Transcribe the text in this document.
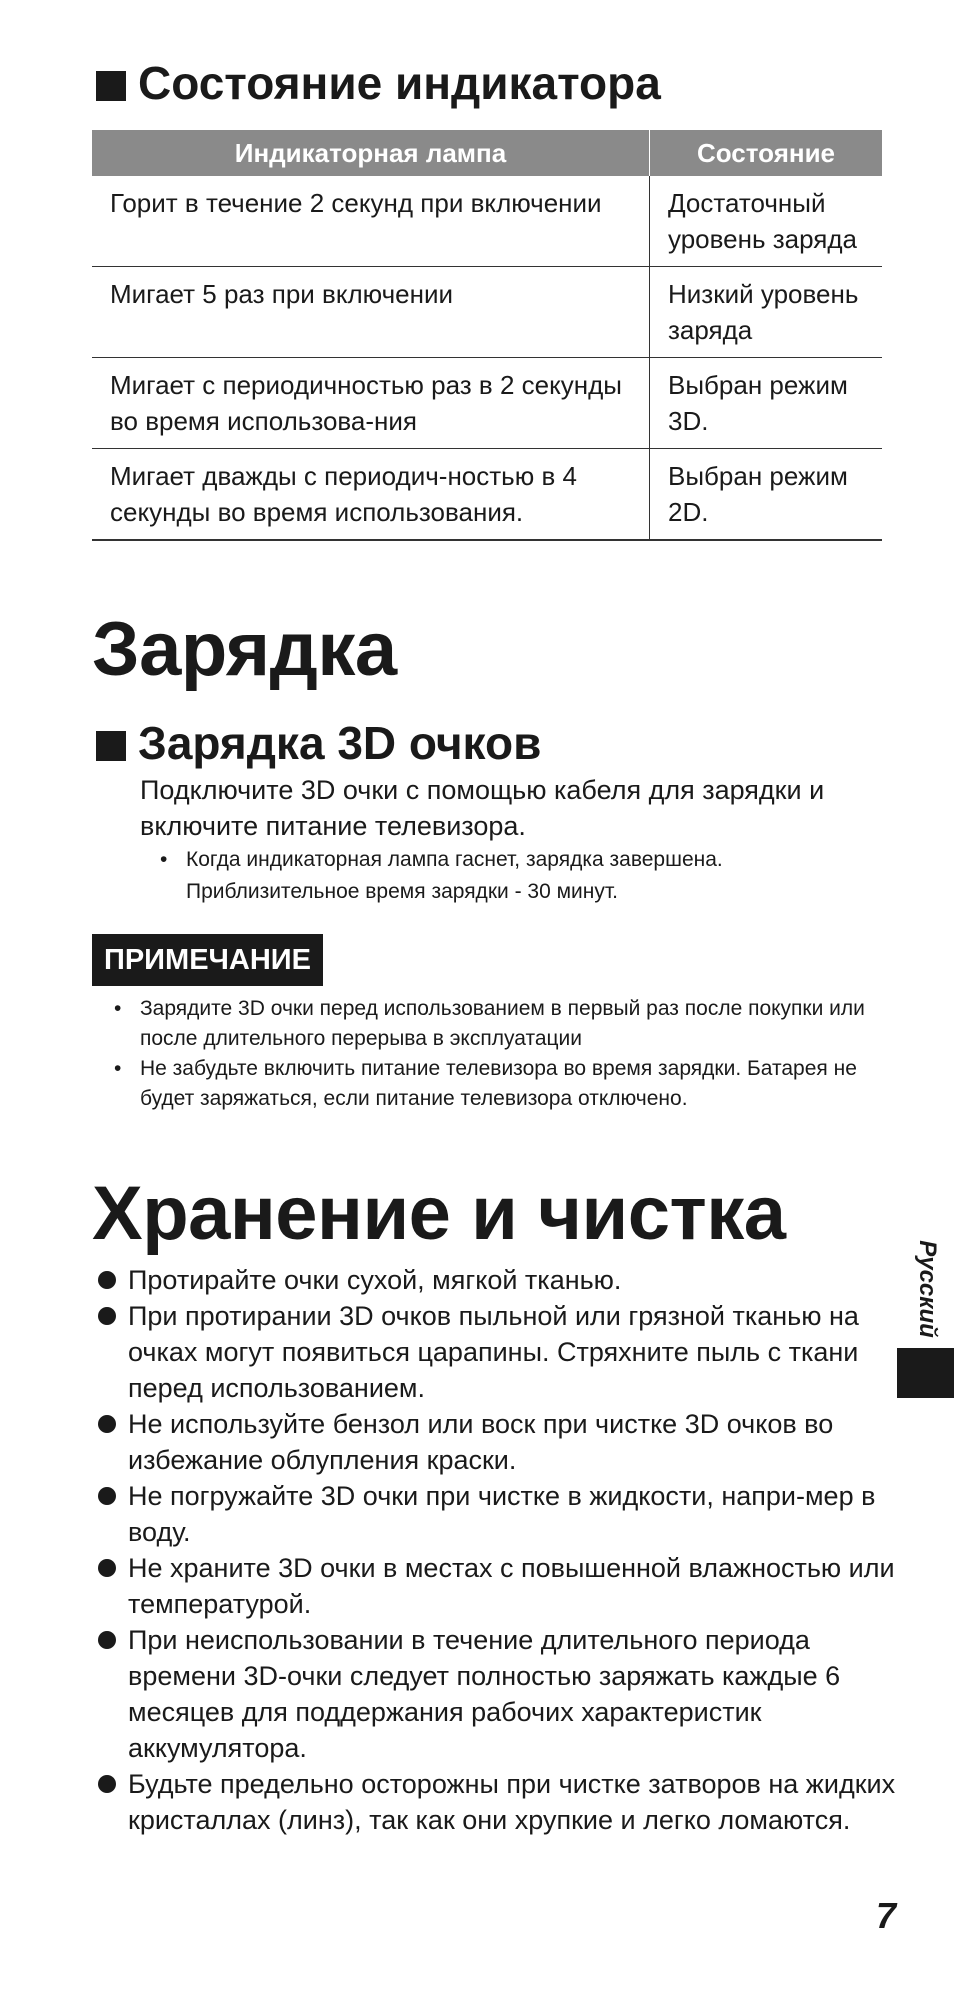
Состояние индикатора
Индикаторная лампа	Состояние
Горит в течение 2 секунд при включении	Достаточный уровень заряда
Мигает 5 раз при включении	Низкий уровень заряда
Мигает с периодичностью раз в 2 секунды во время использова-ния	Выбран режим 3D.
Мигает дважды с периодич-ностью в 4 секунды во время использования.	Выбран режим 2D.
Зарядка
Зарядка 3D очков
Подключите 3D очки с помощью кабеля для зарядки и включите питание телевизора.
• Когда индикаторная лампа гаснет, зарядка завершена. Приблизительное время зарядки - 30 минут.
ПРИМЕЧАНИЕ
• Зарядите 3D очки перед использованием в первый раз после покупки или после длительного перерыва в эксплуатации
• Не забудьте включить питание телевизора во время зарядки. Батарея не будет заряжаться, если питание телевизора отключено.
Хранение и чистка
Протирайте очки сухой, мягкой тканью.
При протирании 3D очков пыльной или грязной тканью на очках могут появиться царапины. Стряхните пыль с ткани перед использованием.
Не используйте бензол или воск при чистке 3D очков во избежание облупления краски.
Не погружайте 3D очки при чистке в жидкости, напри-мер в воду.
Не храните 3D очки в местах с повышенной влажностью или температурой.
При неиспользовании в течение длительного периода времени 3D-очки следует полностью заряжать каждые 6 месяцев для поддержания рабочих характеристик аккумулятора.
Будьте предельно осторожны при чистке затворов на жидких кристаллах (линз), так как они хрупкие и легко ломаются.
Русский
7
